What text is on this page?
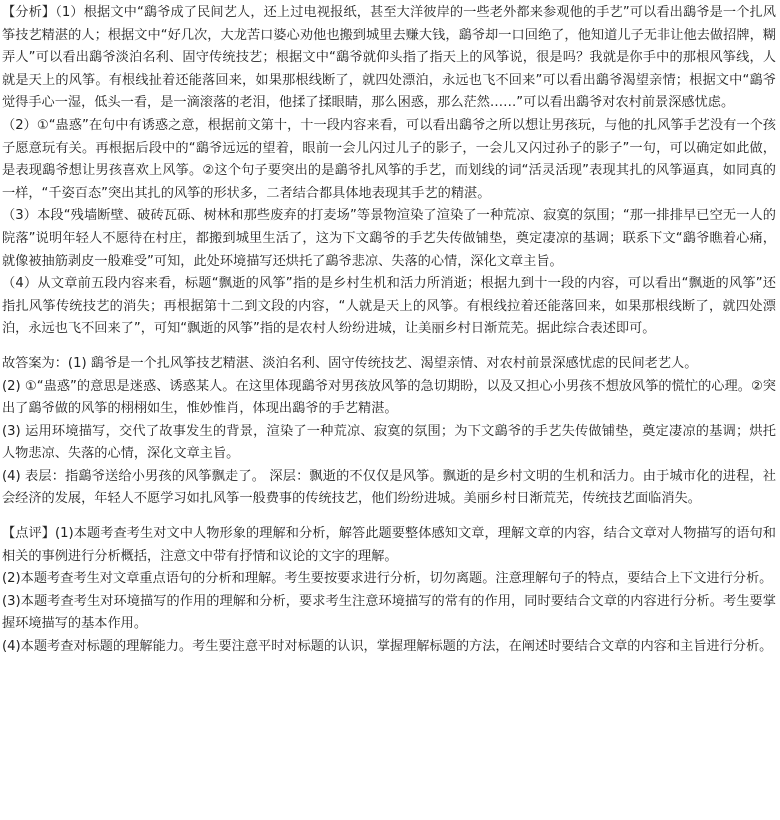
【分析】（1）根据文中“鷂爷成了民间艺人，还上过电视报纸，甚至大洋彼岸的一些老外都来参观他的手艺”可以看出鷂爷是一个扎风筝技艺精湛的人；根据文中“好几次，大龙苦口婆心劝他也搬到城里去赚大钱，鷂爷却一口回绝了，他知道儿子无非让他去做招牌，糊弄人”可以看出鷂爷淡泊名利、固守传统技艺；根据文中“鷂爷就仰头指了指天上的风筝说，很是吗？我就是你手中的那根风筝线，人就是天上的风筝。有根线扯着还能落回来，如果那根线断了，就四处漂泊，永远也飞不回来”可以看出鷂爷渴望亲情；根据文中“鷂爷觉得手心一湿，低头一看，是一滴滚落的老泪，他揉了揉眼睛，那么困惑，那么茫然……”可以看出鷂爷对农村前景深感忧虑。

（2）①“蛊惑”在句中有诱惑之意，根据前文第十，十一段内容来看，可以看出鷂爷之所以想让男孩玩，与他的扎风筝手艺没有一个孩子愿意玩有关。再根据后段中的“鷂爷远远的望着，眼前一会儿闪过儿子的影子，一会儿又闪过孙子的影子”一句，可以确定如此做，是表现鷂爷想让男孩喜欢上风筝。②这个句子要突出的是鷂爷扎风筝的手艺，而划线的词“活灵活现”表现其扎的风筝逼真，如同真的一样，“千姿百态”突出其扎的风筝的形状多，二者结合都具体地表现其手艺的精湛。

（3）本段“残墙断壁、破砖瓦砾、树林和那些废弃的打麦场”等景物渲染了渲染了一种荒凉、寂寞的氛围；“那一排排早已空无一人的院落”说明年轻人不愿待在村庄，都搬到城里生活了，这为下文鷂爷的手艺失传做铺垫，奠定凄凉的基调；联系下文“鷂爷瞧着心痛，就像被抽筋剥皮一般难受”可知，此处环境描写还烘托了鷂爷悲凉、失落的心情，深化文章主旨。

（4）从文章前五段内容来看，标题“飘逝的风筝”指的是乡村生机和活力所消逝；根据九到十一段的内容，可以看出“飘逝的风筝”还指扎风筝传统技艺的消失；再根据第十二到文段的内容，“人就是天上的风筝。有根线拉着还能落回来，如果那根线断了，就四处漂泊，永远也飞不回来了”，可知“飘逝的风筝”指的是农村人纷纷进城，让美丽乡村日渐荒芜。据此综合表述即可。

故答案为：(1) 鷂爷是一个扎风筝技艺精湛、淡泊名利、固守传统技艺、渴望亲情、对农村前景深感忧虑的民间老艺人。

(2) ①“蛊惑”的意思是迷惑、诱惑某人。在这里体现鷂爷对男孩放风筝的急切期盼，以及又担心小男孩不想放风筝的慌忙的心理。②突出了鷂爷做的风筝的栩栩如生，惟妙惟肖，体现出鷂爷的手艺精湛。

(3) 运用环境描写，交代了故事发生的背景，渲染了一种荒凉、寂寞的氛围；为下文鷂爷的手艺失传做铺垫，奠定凄凉的基调；烘托人物悲凉、失落的心情，深化文章主旨。

(4) 表层：指鷂爷送给小男孩的风筝飘走了。 深层：飘逝的不仅仅是风筝。飘逝的是乡村文明的生机和活力。由于城市化的进程，社会经济的发展，年轻人不愿学习如扎风筝一般费事的传统技艺，他们纷纷进城。美丽乡村日渐荒芜，传统技艺面临消失。

【点评】(1)本题考查考生对文中人物形象的理解和分析，解答此题要整体感知文章，理解文章的内容，结合文章对人物描写的语句和相关的事例进行分析概括，注意文中带有抒情和议论的文字的理解。

(2)本题考查考生对文章重点语句的分析和理解。考生要按要求进行分析，切勿离题。注意理解句子的特点，要结合上下文进行分析。

(3)本题考查考生对环境描写的作用的理解和分析，要求考生注意环境描写的常有的作用，同时要结合文章的内容进行分析。考生要掌握环境描写的基本作用。

(4)本题考查对标题的理解能力。考生要注意平时对标题的认识，掌握理解标题的方法，在阐述时要结合文章的内容和主旨进行分析。
